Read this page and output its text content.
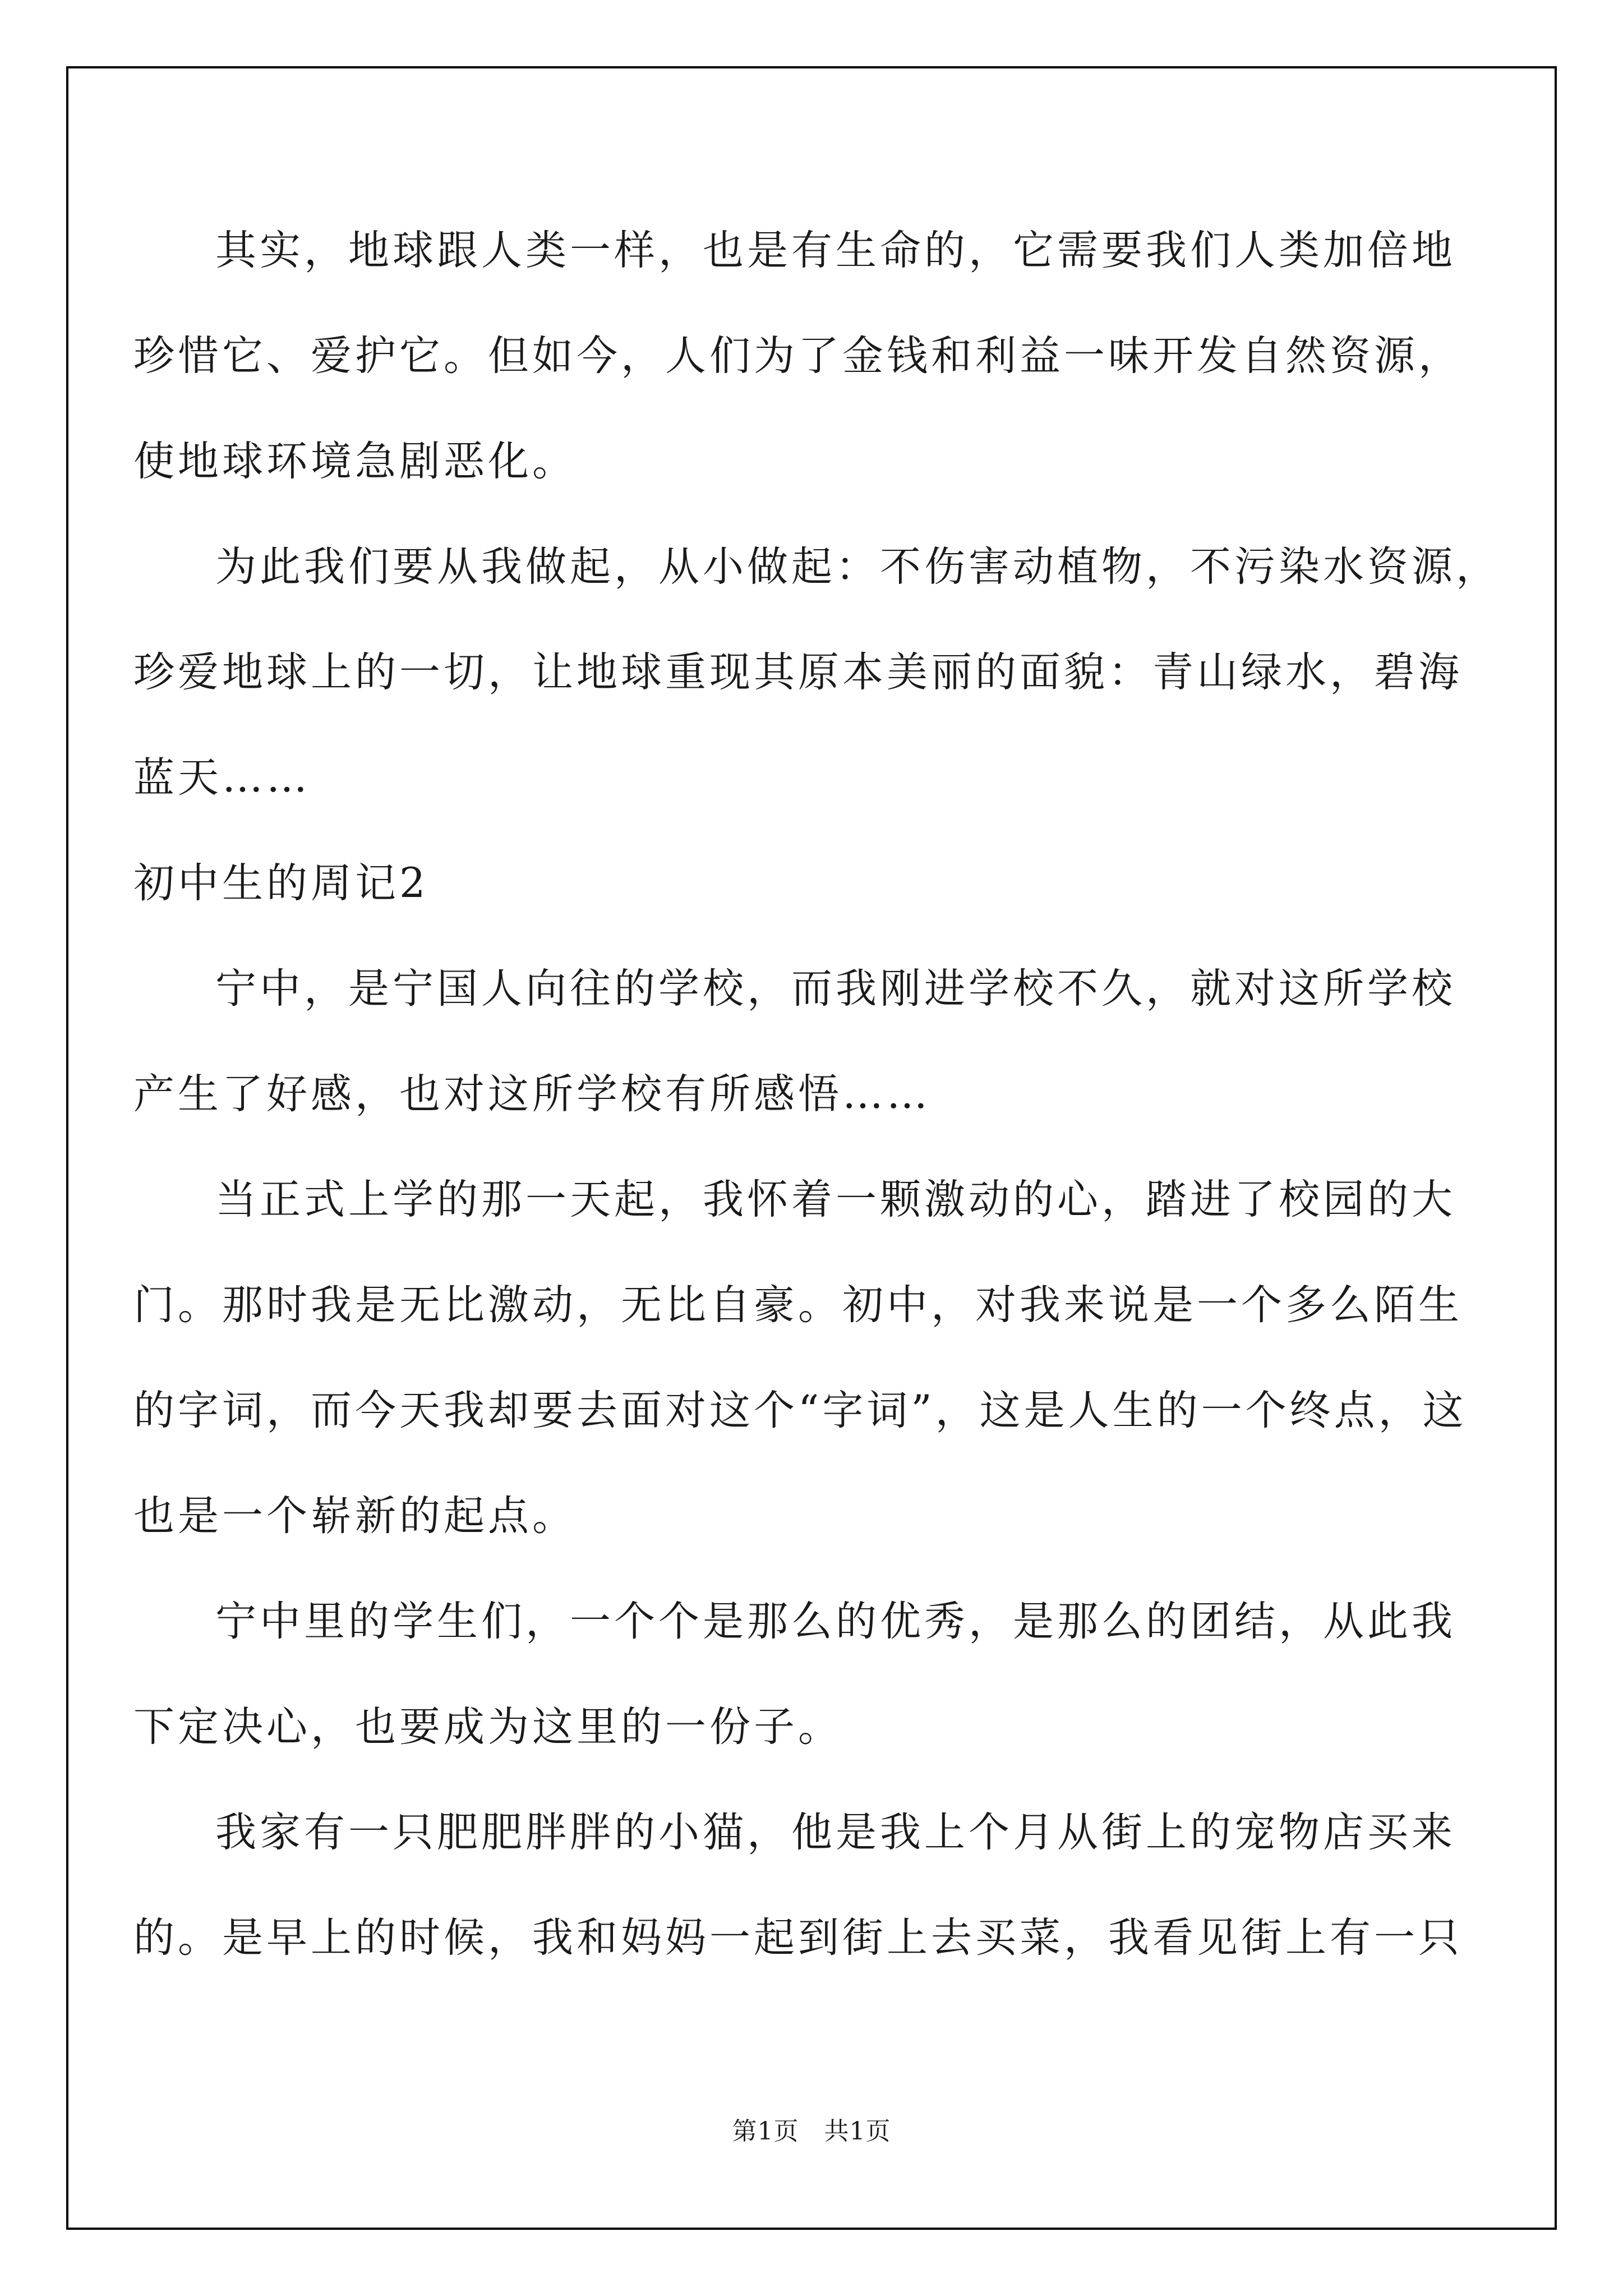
其实，地球跟人类一样，也是有生命的，它需要我们人类加倍地
珍惜它、爱护它。但如今，人们为了金钱和利益一味开发自然资源，
使地球环境急剧恶化。
为此我们要从我做起，从小做起：不伤害动植物，不污染水资源，
珍爱地球上的一切，让地球重现其原本美丽的面貌：青山绿水，碧海
蓝天……
初中生的周记2
宁中，是宁国人向往的学校，而我刚进学校不久，就对这所学校
产生了好感，也对这所学校有所感悟……
当正式上学的那一天起，我怀着一颗激动的心，踏进了校园的大
门。那时我是无比激动，无比自豪。初中，对我来说是一个多么陌生
的字词，而今天我却要去面对这个“字词”，这是人生的一个终点，这
也是一个崭新的起点。
宁中里的学生们，一个个是那么的优秀，是那么的团结，从此我
下定决心，也要成为这里的一份子。
我家有一只肥肥胖胖的小猫，他是我上个月从街上的宠物店买来
的。是早上的时候，我和妈妈一起到街上去买菜，我看见街上有一只
第1页　共1页
